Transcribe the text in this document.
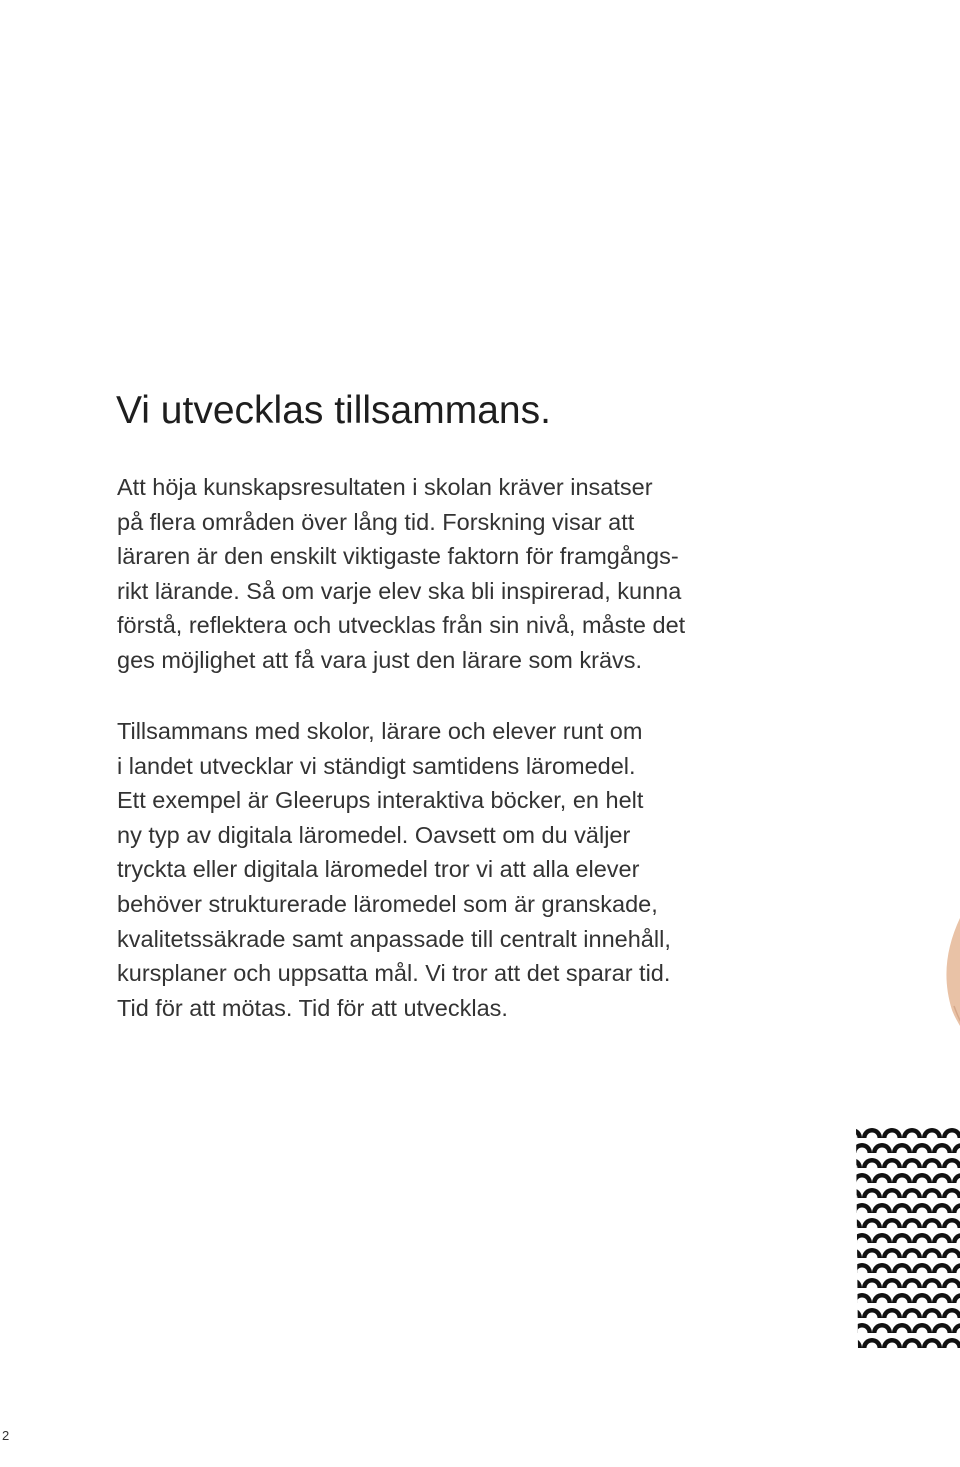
Vi utvecklas tillsammans.
Att höja kunskapsresultaten i skolan kräver insatser
på flera områden över lång tid. Forskning visar att
läraren är den enskilt viktigaste faktorn för framgångs-
rikt lärande. Så om varje elev ska bli inspirerad, kunna
förstå, reflektera och utvecklas från sin nivå, måste det
ges möjlighet att få vara just den lärare som krävs.
Tillsammans med skolor, lärare och elever runt om
i landet utvecklar vi ständigt samtidens läromedel.
Ett exempel är Gleerups interaktiva böcker, en helt
ny typ av digitala läromedel. Oavsett om du väljer
tryckta eller digitala läromedel tror vi att alla elever
behöver strukturerade läromedel som är granskade,
kvalitetssäkrade samt anpassade till centralt innehåll,
kursplaner och uppsatta mål. Vi tror att det sparar tid.
Tid för att mötas. Tid för att utvecklas.
2
